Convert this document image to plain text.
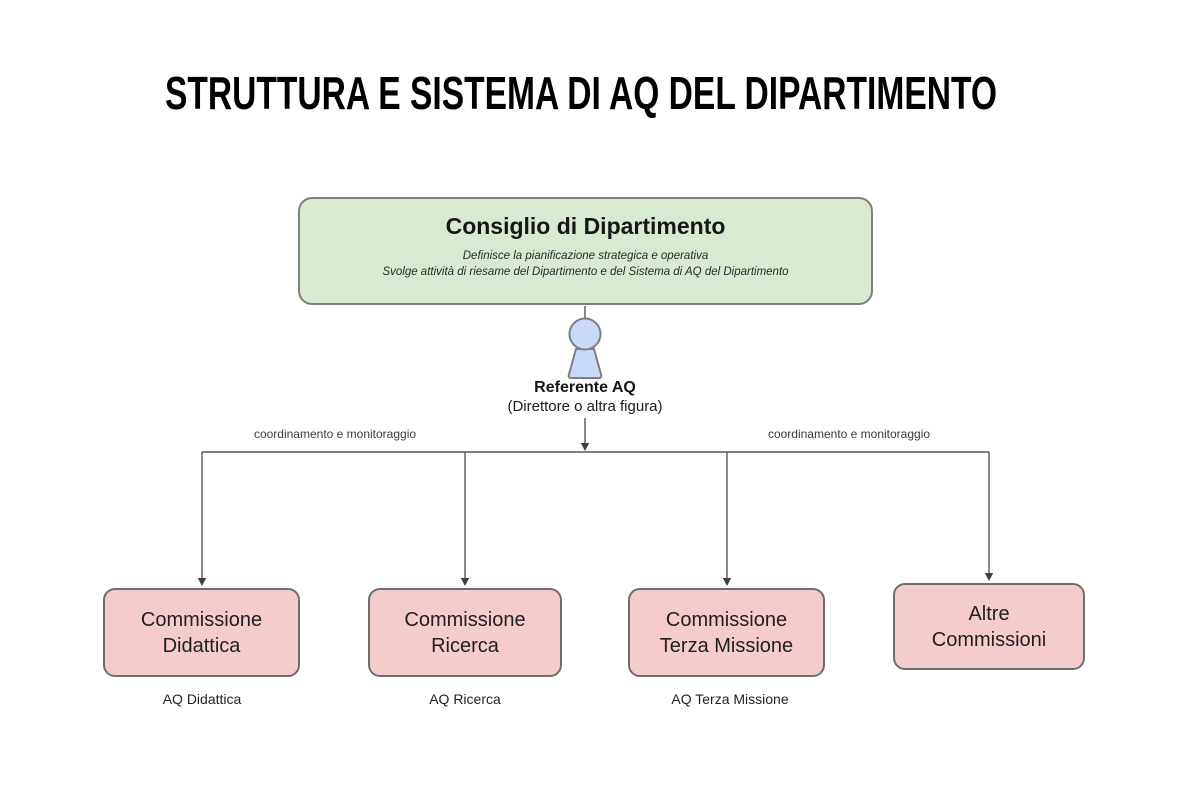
STRUTTURA E SISTEMA DI AQ DEL DIPARTIMENTO
Consiglio di Dipartimento
Definisce la pianificazione strategica e operativa
Svolge attività di riesame del Dipartimento e del Sistema di AQ del Dipartimento
Referente AQ
(Direttore o altra figura)
coordinamento e monitoraggio	coordinamento e monitoraggio
Commissione
Didattica
Commissione
Ricerca
Commissione
Terza Missione
Altre
Commissioni
AQ Didattica	AQ Ricerca	AQ Terza Missione
